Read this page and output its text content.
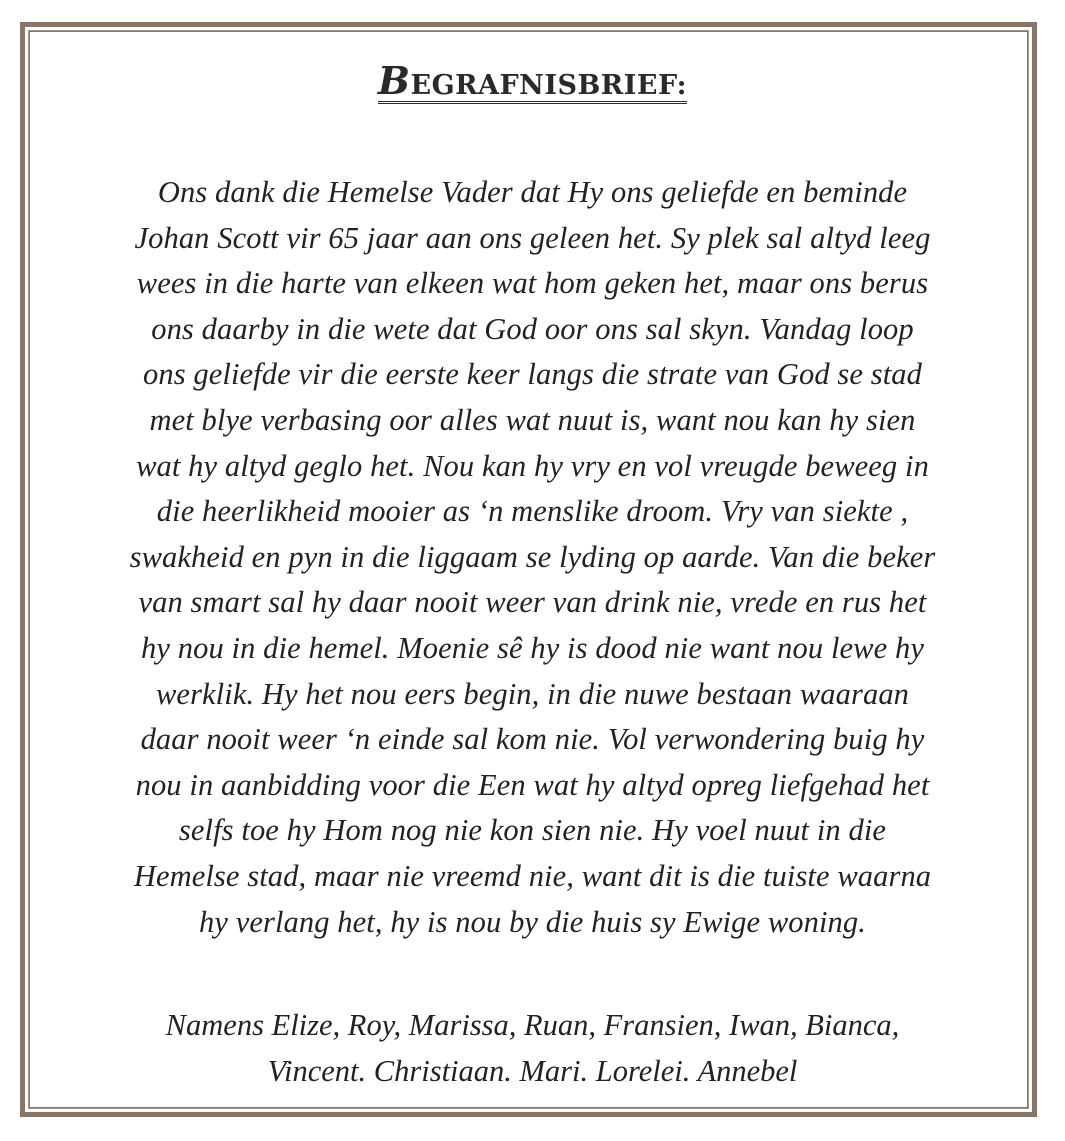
BEGRAFNISBRIEF:
Ons dank die Hemelse Vader dat Hy ons geliefde en beminde
Johan Scott vir 65 jaar aan ons geleen het. Sy plek sal altyd leeg
wees in die harte van elkeen wat hom geken het, maar ons berus
ons daarby in die wete dat God oor ons sal skyn. Vandag loop
ons geliefde vir die eerste keer langs die strate van God se stad
met blye verbasing oor alles wat nuut is, want nou kan hy sien
wat hy altyd geglo het. Nou kan hy vry en vol vreugde beweeg in
die heerlikheid mooier as ‘n menslike droom. Vry van siekte ,
swakheid en pyn in die liggaam se lyding op aarde. Van die beker
van smart sal hy daar nooit weer van drink nie, vrede en rus het
hy nou in die hemel. Moenie sê hy is dood nie want nou lewe hy
werklik. Hy het nou eers begin, in die nuwe bestaan waaraan
daar nooit weer ‘n einde sal kom nie. Vol verwondering buig hy
nou in aanbidding voor die Een wat hy altyd opreg liefgehad het
selfs toe hy Hom nog nie kon sien nie. Hy voel nuut in die
Hemelse stad, maar nie vreemd nie, want dit is die tuiste waarna
hy verlang het, hy is nou by die huis sy Ewige woning.
Namens Elize, Roy, Marissa, Ruan, Fransien, Iwan, Bianca,
Vincent. Christiaan. Mari. Lorelei. Annebel
